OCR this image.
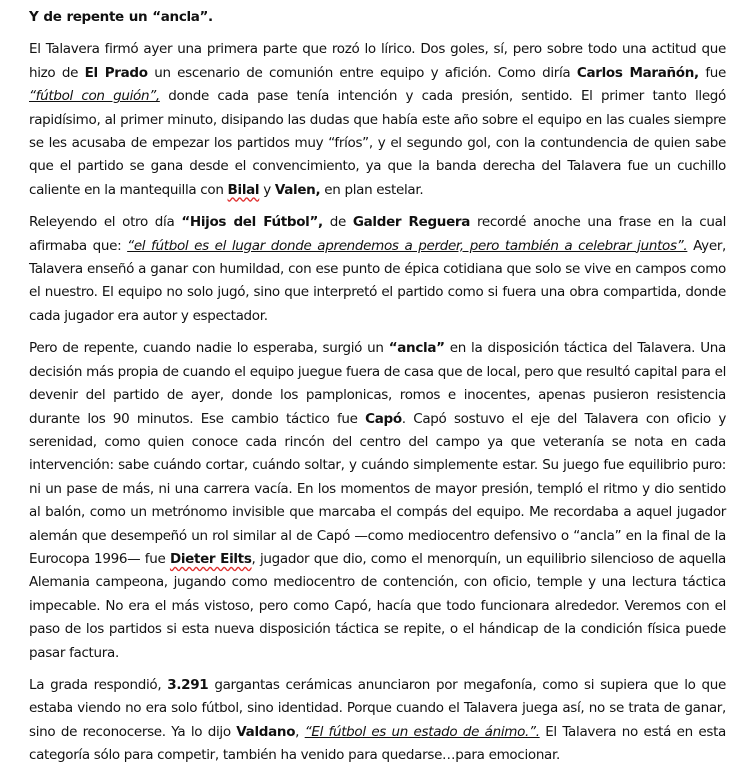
Y de repente un “ancla”.

El Talavera firmó ayer una primera parte que rozó lo lírico. Dos goles, sí, pero sobre todo una actitud que hizo de El Prado un escenario de comunión entre equipo y afición. Como diría Carlos Marañón, fue “fútbol con guión”, donde cada pase tenía intención y cada presión, sentido. El primer tanto llegó rapidísimo, al primer minuto, disipando las dudas que había este año sobre el equipo en las cuales siempre se les acusaba de empezar los partidos muy “fríos”, y el segundo gol, con la contundencia de quien sabe que el partido se gana desde el convencimiento, ya que la banda derecha del Talavera fue un cuchillo caliente en la mantequilla con Bilal y Valen, en plan estelar.

Releyendo el otro día “Hijos del Fútbol”, de Galder Reguera recordé anoche una frase en la cual afirmaba que: “el fútbol es el lugar donde aprendemos a perder, pero también a celebrar juntos”. Ayer, Talavera enseñó a ganar con humildad, con ese punto de épica cotidiana que solo se vive en campos como el nuestro. El equipo no solo jugó, sino que interpretó el partido como si fuera una obra compartida, donde cada jugador era autor y espectador.

Pero de repente, cuando nadie lo esperaba, surgió un “ancla” en la disposición táctica del Talavera. Una decisión más propia de cuando el equipo juegue fuera de casa que de local, pero que resultó capital para el devenir del partido de ayer, donde los pamplonicas, romos e inocentes, apenas pusieron resistencia durante los 90 minutos. Ese cambio táctico fue Capó. Capó sostuvo el eje del Talavera con oficio y serenidad, como quien conoce cada rincón del centro del campo ya que veteranía se nota en cada intervención: sabe cuándo cortar, cuándo soltar, y cuándo simplemente estar. Su juego fue equilibrio puro: ni un pase de más, ni una carrera vacía. En los momentos de mayor presión, templó el ritmo y dio sentido al balón, como un metrónomo invisible que marcaba el compás del equipo. Me recordaba a aquel jugador alemán que desempeñó un rol similar al de Capó —como mediocentro defensivo o “ancla” en la final de la Eurocopa 1996— fue Dieter Eilts, jugador que dio, como el menorquín, un equilibrio silencioso de aquella Alemania campeona, jugando como mediocentro de contención, con oficio, temple y una lectura táctica impecable. No era el más vistoso, pero como Capó, hacía que todo funcionara alrededor. Veremos con el paso de los partidos si esta nueva disposición táctica se repite, o el hándicap de la condición física puede pasar factura.

La grada respondió, 3.291 gargantas cerámicas anunciaron por megafonía, como si supiera que lo que estaba viendo no era solo fútbol, sino identidad. Porque cuando el Talavera juega así, no se trata de ganar, sino de reconocerse. Ya lo dijo Valdano, “El fútbol es un estado de ánimo.”. El Talavera no está en esta categoría sólo para competir, también ha venido para quedarse…para emocionar.
